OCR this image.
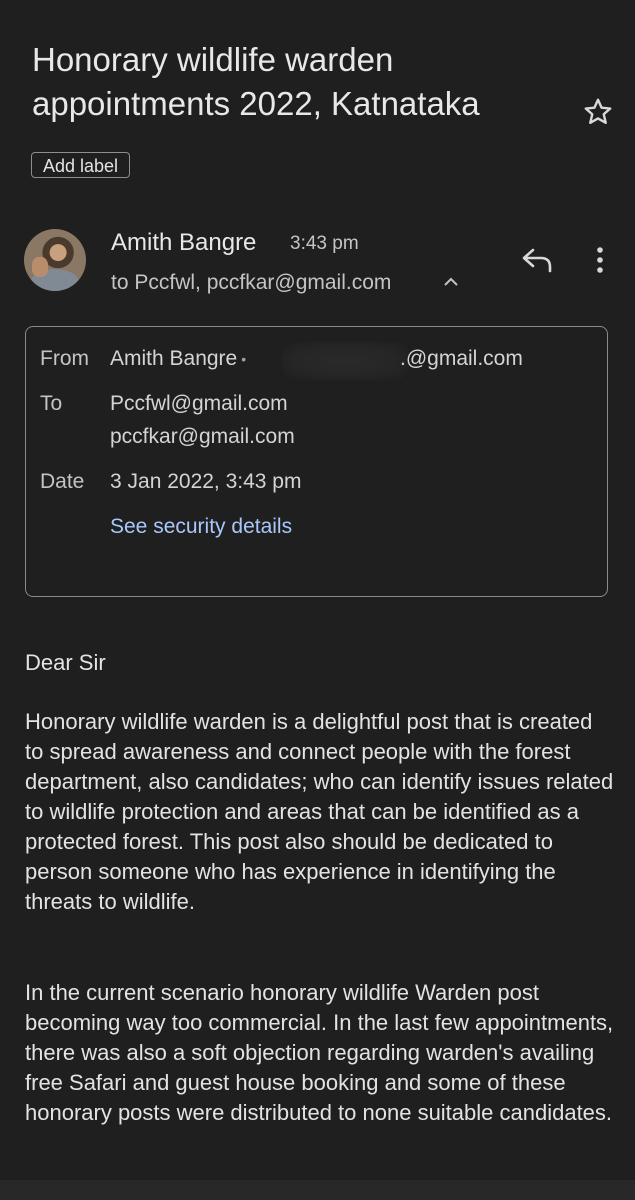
Honorary wildlife warden appointments 2022, Katnataka
Add label
Amith Bangre 3:43 pm
to Pccfwl, pccfkar@gmail.com
From Amith Bangre •	.@gmail.com
To Pccfwl@gmail.com
pccfkar@gmail.com
Date 3 Jan 2022, 3:43 pm
See security details

Dear Sir

Honorary wildlife warden is a delightful post that is created to spread awareness and connect people with the forest department, also candidates; who can identify issues related to wildlife protection and areas that can be identified as a protected forest. This post also should be dedicated to person someone who has experience in identifying the threats to wildlife.

In the current scenario honorary wildlife Warden post becoming way too commercial. In the last few appointments, there was also a soft objection regarding warden's availing free Safari and guest house booking and some of these honorary posts were distributed to none suitable candidates.
